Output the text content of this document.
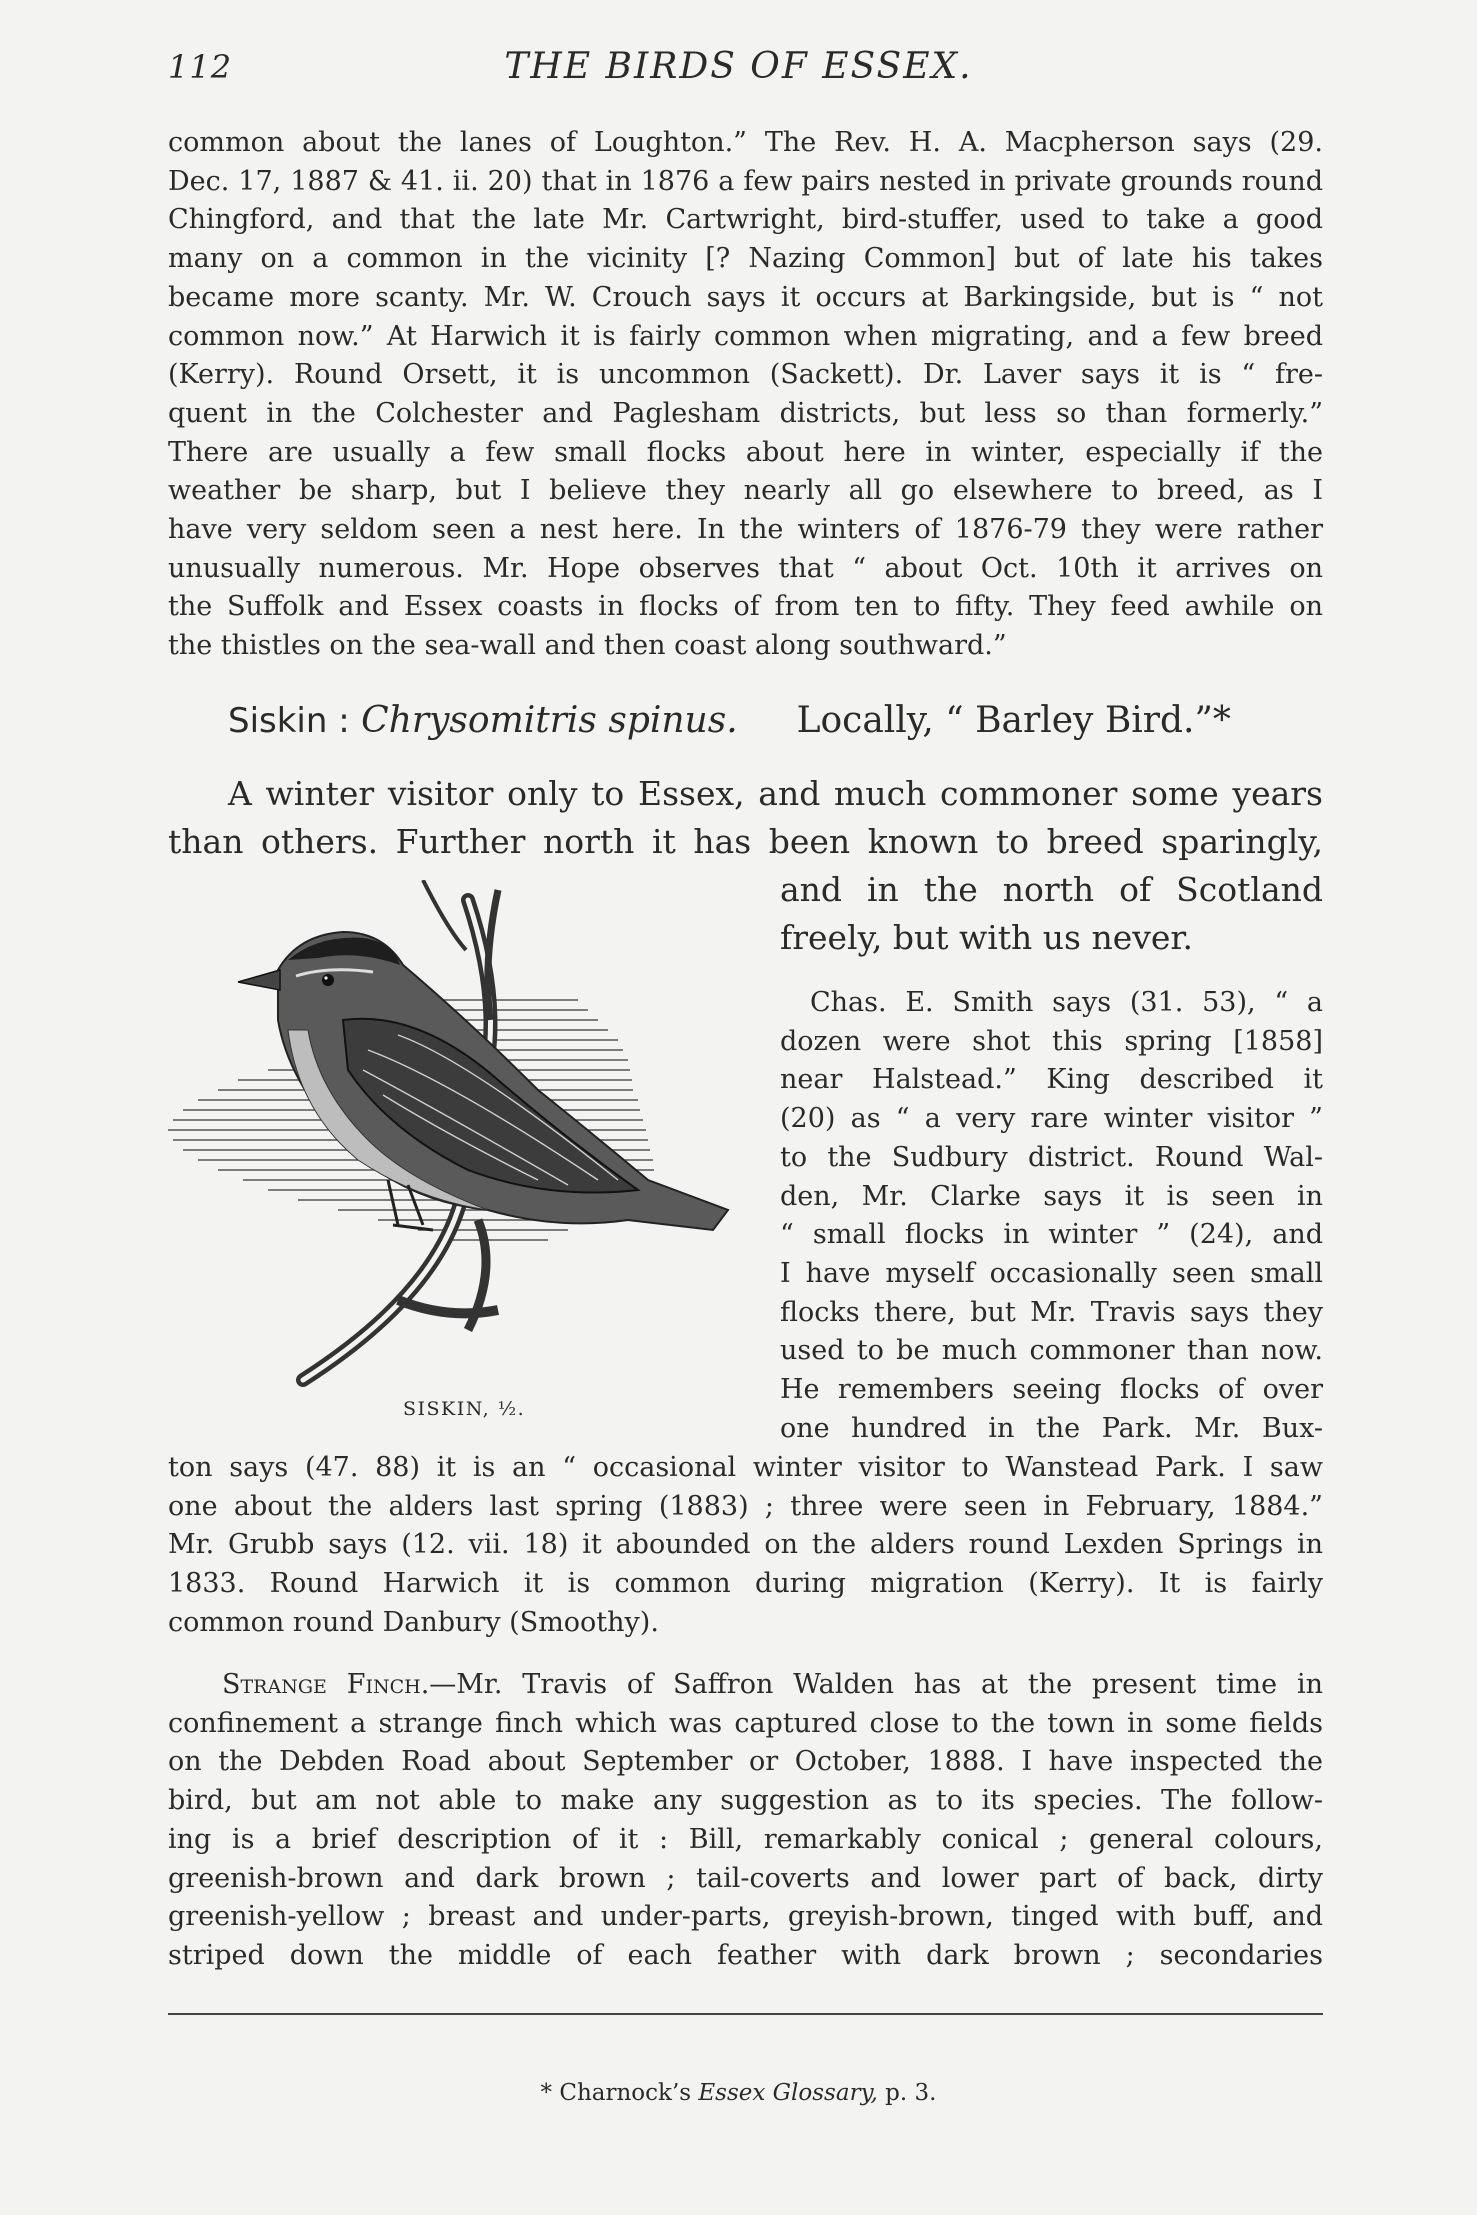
112	THE BIRDS OF ESSEX.
common about the lanes of Loughton.” The Rev. H. A. Macpherson says (29.
Dec. 17, 1887 & 41. ii. 20) that in 1876 a few pairs nested in private grounds round
Chingford, and that the late Mr. Cartwright, bird-stuffer, used to take a good
many on a common in the vicinity [? Nazing Common] but of late his takes
became more scanty. Mr. W. Crouch says it occurs at Barkingside, but is “ not
common now.” At Harwich it is fairly common when migrating, and a few breed
(Kerry). Round Orsett, it is uncommon (Sackett). Dr. Laver says it is “ fre-
quent in the Colchester and Paglesham districts, but less so than formerly.”
There are usually a few small flocks about here in winter, especially if the
weather be sharp, but I believe they nearly all go elsewhere to breed, as I
have very seldom seen a nest here. In the winters of 1876-79 they were rather
unusually numerous. Mr. Hope observes that “ about Oct. 10th it arrives on
the Suffolk and Essex coasts in flocks of from ten to fifty. They feed awhile on
the thistles on the sea-wall and then coast along southward.”
Siskin : Chrysomitris spinus. Locally, “ Barley Bird.”*
A winter visitor only to Essex, and much commoner some years
than others. Further north it has been known to breed sparingly,
and in the north of Scotland
freely, but with us never.
SISKIN, ½.
Chas. E. Smith says (31. 53), “ a
dozen were shot this spring [1858]
near Halstead.” King described it
(20) as “ a very rare winter visitor ”
to the Sudbury district. Round Wal-
den, Mr. Clarke says it is seen in
“ small flocks in winter ” (24), and
I have myself occasionally seen small
flocks there, but Mr. Travis says they
used to be much commoner than now.
He remembers seeing flocks of over
one hundred in the Park. Mr. Bux-
ton says (47. 88) it is an “ occasional winter visitor to Wanstead Park. I saw
one about the alders last spring (1883) ; three were seen in February, 1884.”
Mr. Grubb says (12. vii. 18) it abounded on the alders round Lexden Springs in
1833. Round Harwich it is common during migration (Kerry). It is fairly
common round Danbury (Smoothy).
Strange Finch.—Mr. Travis of Saffron Walden has at the present time in
confinement a strange finch which was captured close to the town in some fields
on the Debden Road about September or October, 1888. I have inspected the
bird, but am not able to make any suggestion as to its species. The follow-
ing is a brief description of it : Bill, remarkably conical ; general colours,
greenish-brown and dark brown ; tail-coverts and lower part of back, dirty
greenish-yellow ; breast and under-parts, greyish-brown, tinged with buff, and
striped down the middle of each feather with dark brown ; secondaries
* Charnock’s Essex Glossary, p. 3.
